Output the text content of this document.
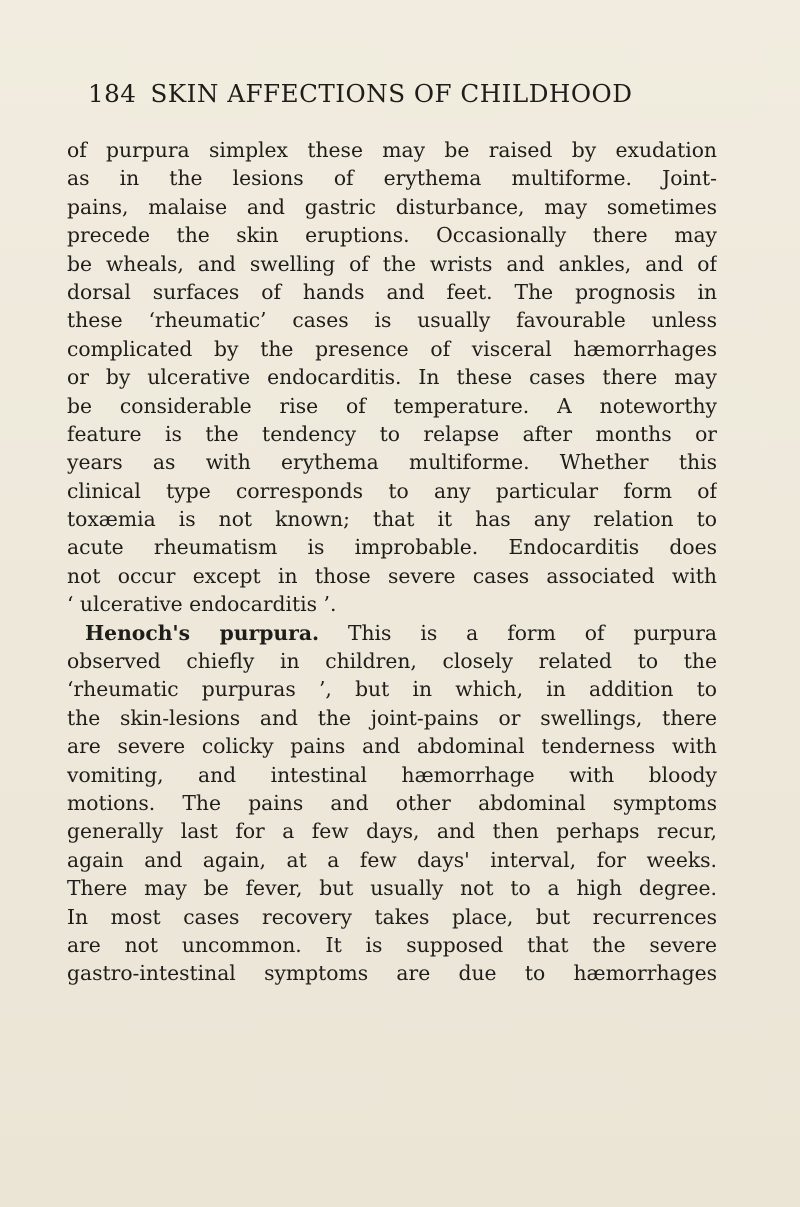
184 SKIN AFFECTIONS OF CHILDHOOD
of purpura simplex these may be raised by exudation
as in the lesions of erythema multiforme. Joint-
pains, malaise and gastric disturbance, may sometimes
precede the skin eruptions. Occasionally there may
be wheals, and swelling of the wrists and ankles, and of
dorsal surfaces of hands and feet. The prognosis in
these ‘rheumatic’ cases is usually favourable unless
complicated by the presence of visceral hæmorrhages
or by ulcerative endocarditis. In these cases there may
be considerable rise of temperature. A noteworthy
feature is the tendency to relapse after months or
years as with erythema multiforme. Whether this
clinical type corresponds to any particular form of
toxæmia is not known; that it has any relation to
acute rheumatism is improbable. Endocarditis does
not occur except in those severe cases associated with
‘ ulcerative endocarditis ’.
Henoch's purpura. This is a form of purpura
observed chiefly in children, closely related to the
‘rheumatic purpuras ’, but in which, in addition to
the skin-lesions and the joint-pains or swellings, there
are severe colicky pains and abdominal tenderness with
vomiting, and intestinal hæmorrhage with bloody
motions. The pains and other abdominal symptoms
generally last for a few days, and then perhaps recur,
again and again, at a few days' interval, for weeks.
There may be fever, but usually not to a high degree.
In most cases recovery takes place, but recurrences
are not uncommon. It is supposed that the severe
gastro-intestinal symptoms are due to hæmorrhages
